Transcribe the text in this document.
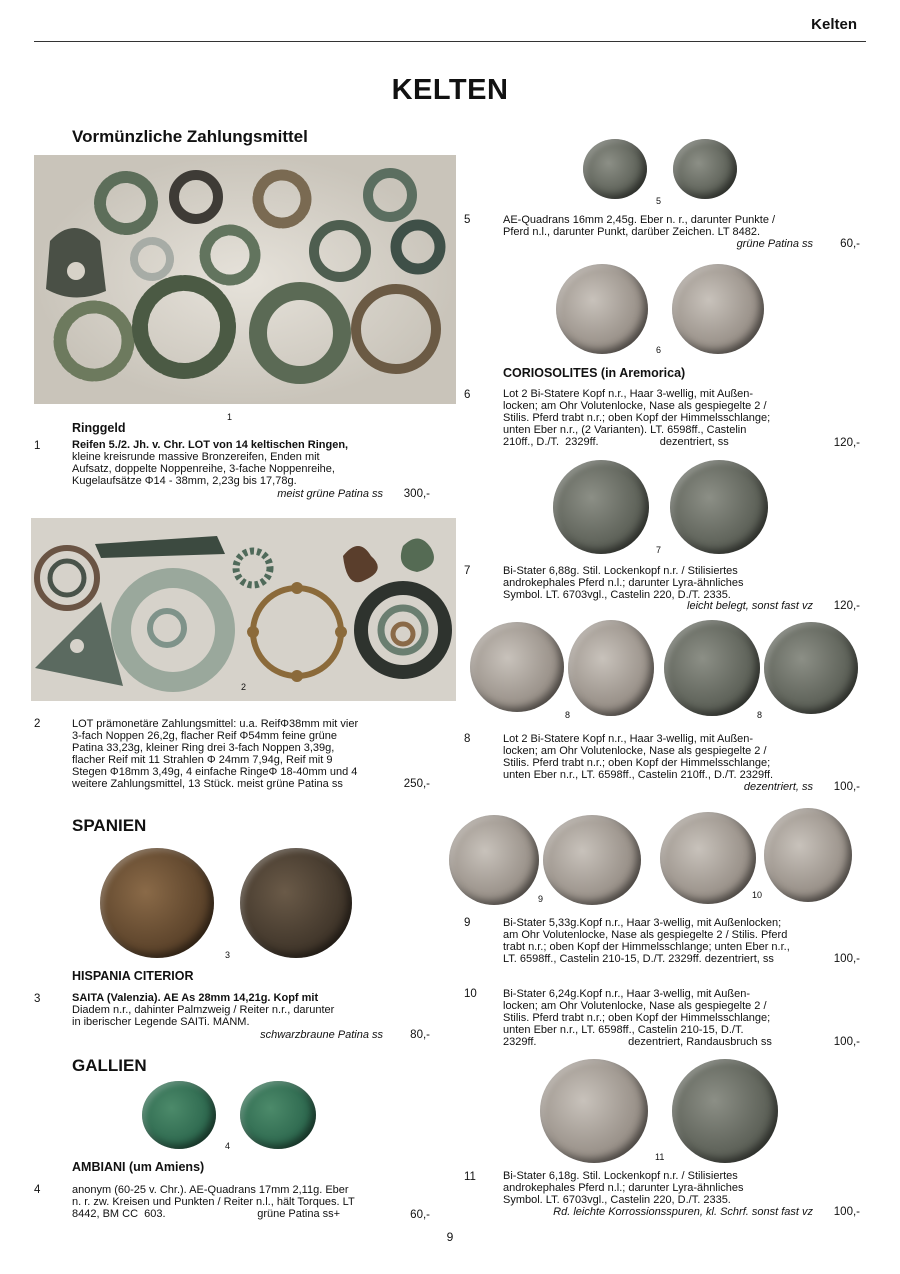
Kelten
KELTEN
Vormünzliche Zahlungsmittel
1
Ringgeld
1	Reifen 5./2. Jh. v. Chr. LOT von 14 keltischen Ringen,
kleine kreisrunde massive Bronzereifen, Enden mit
Aufsatz, doppelte Noppenreihe, 3-fache Noppenreihe,
Kugelaufsätze Φ14 - 38mm, 2,23g bis 17,78g.
meist grüne Patina ss	300,-
2
2	LOT prämonetäre Zahlungsmittel: u.a. ReifΦ38mm mit vier
3-fach Noppen 26,2g, flacher Reif Φ54mm feine grüne
Patina 33,23g, kleiner Ring drei 3-fach Noppen 3,39g,
flacher Reif mit 11 Strahlen Φ 24mm 7,94g, Reif mit 9
Stegen Φ18mm 3,49g, 4 einfache RingeΦ 18-40mm und 4
weitere Zahlungsmittel, 13 Stück. meist grüne Patina ss	250,-
SPANIEN
3
HISPANIA CITERIOR
3	SAITA (Valenzia). AE As 28mm 14,21g. Kopf mit
Diadem n.r., dahinter Palmzweig / Reiter n.r., darunter
in iberischer Legende SAITi. MANM.
schwarzbraune Patina ss	80,-
GALLIEN
4
AMBIANI (um Amiens)
4	anonym (60-25 v. Chr.). AE-Quadrans 17mm 2,11g. Eber
n. r. zw. Kreisen und Punkten / Reiter n.l., hält Torques. LT
8442, BM CC  603.                              grüne Patina ss+	60,-
5
5	AE-Quadrans 16mm 2,45g. Eber n. r., darunter Punkte /
Pferd n.l., darunter Punkt, darüber Zeichen. LT 8482.
grüne Patina ss	60,-
6
CORIOSOLITES (in Aremorica)
6	Lot 2 Bi-Statere Kopf n.r., Haar 3-wellig, mit Außen-
locken; am Ohr Volutenlocke, Nase als gespiegelte 2 /
Stilis. Pferd trabt n.r.; oben Kopf der Himmelsschlange;
unten Eber n.r., (2 Varianten). LT. 6598ff., Castelin
210ff., D./T.  2329ff.                    dezentriert, ss	120,-
7
7	Bi-Stater 6,88g. Stil. Lockenkopf n.r. / Stilisiertes
androkephales Pferd n.l.; darunter Lyra-ähnliches
Symbol. LT. 6703vgl., Castelin 220, D./T. 2335.
leicht belegt, sonst fast vz	120,-
8	8
8	Lot 2 Bi-Statere Kopf n.r., Haar 3-wellig, mit Außen-
locken; am Ohr Volutenlocke, Nase als gespiegelte 2 /
Stilis. Pferd trabt n.r.; oben Kopf der Himmelsschlange;
unten Eber n.r., LT. 6598ff., Castelin 210ff., D./T. 2329ff.
dezentriert, ss	100,-
9	10
9	Bi-Stater 5,33g.Kopf n.r., Haar 3-wellig, mit Außenlocken;
am Ohr Volutenlocke, Nase als gespiegelte 2 / Stilis. Pferd
trabt n.r.; oben Kopf der Himmelsschlange; unten Eber n.r.,
LT. 6598ff., Castelin 210-15, D./T. 2329ff. dezentriert, ss	100,-
10 Bi-Stater 6,24g.Kopf n.r., Haar 3-wellig, mit Außen-
locken; am Ohr Volutenlocke, Nase als gespiegelte 2 /
Stilis. Pferd trabt n.r.; oben Kopf der Himmelsschlange;
unten Eber n.r., LT. 6598ff., Castelin 210-15, D./T.
2329ff.                              dezentriert, Randausbruch ss	100,-
11
11 Bi-Stater 6,18g. Stil. Lockenkopf n.r. / Stilisiertes
androkephales Pferd n.l.; darunter Lyra-ähnliches
Symbol. LT. 6703vgl., Castelin 220, D./T. 2335.
Rd. leichte Korrossionsspuren, kl. Schrf. sonst fast vz	100,-
9
